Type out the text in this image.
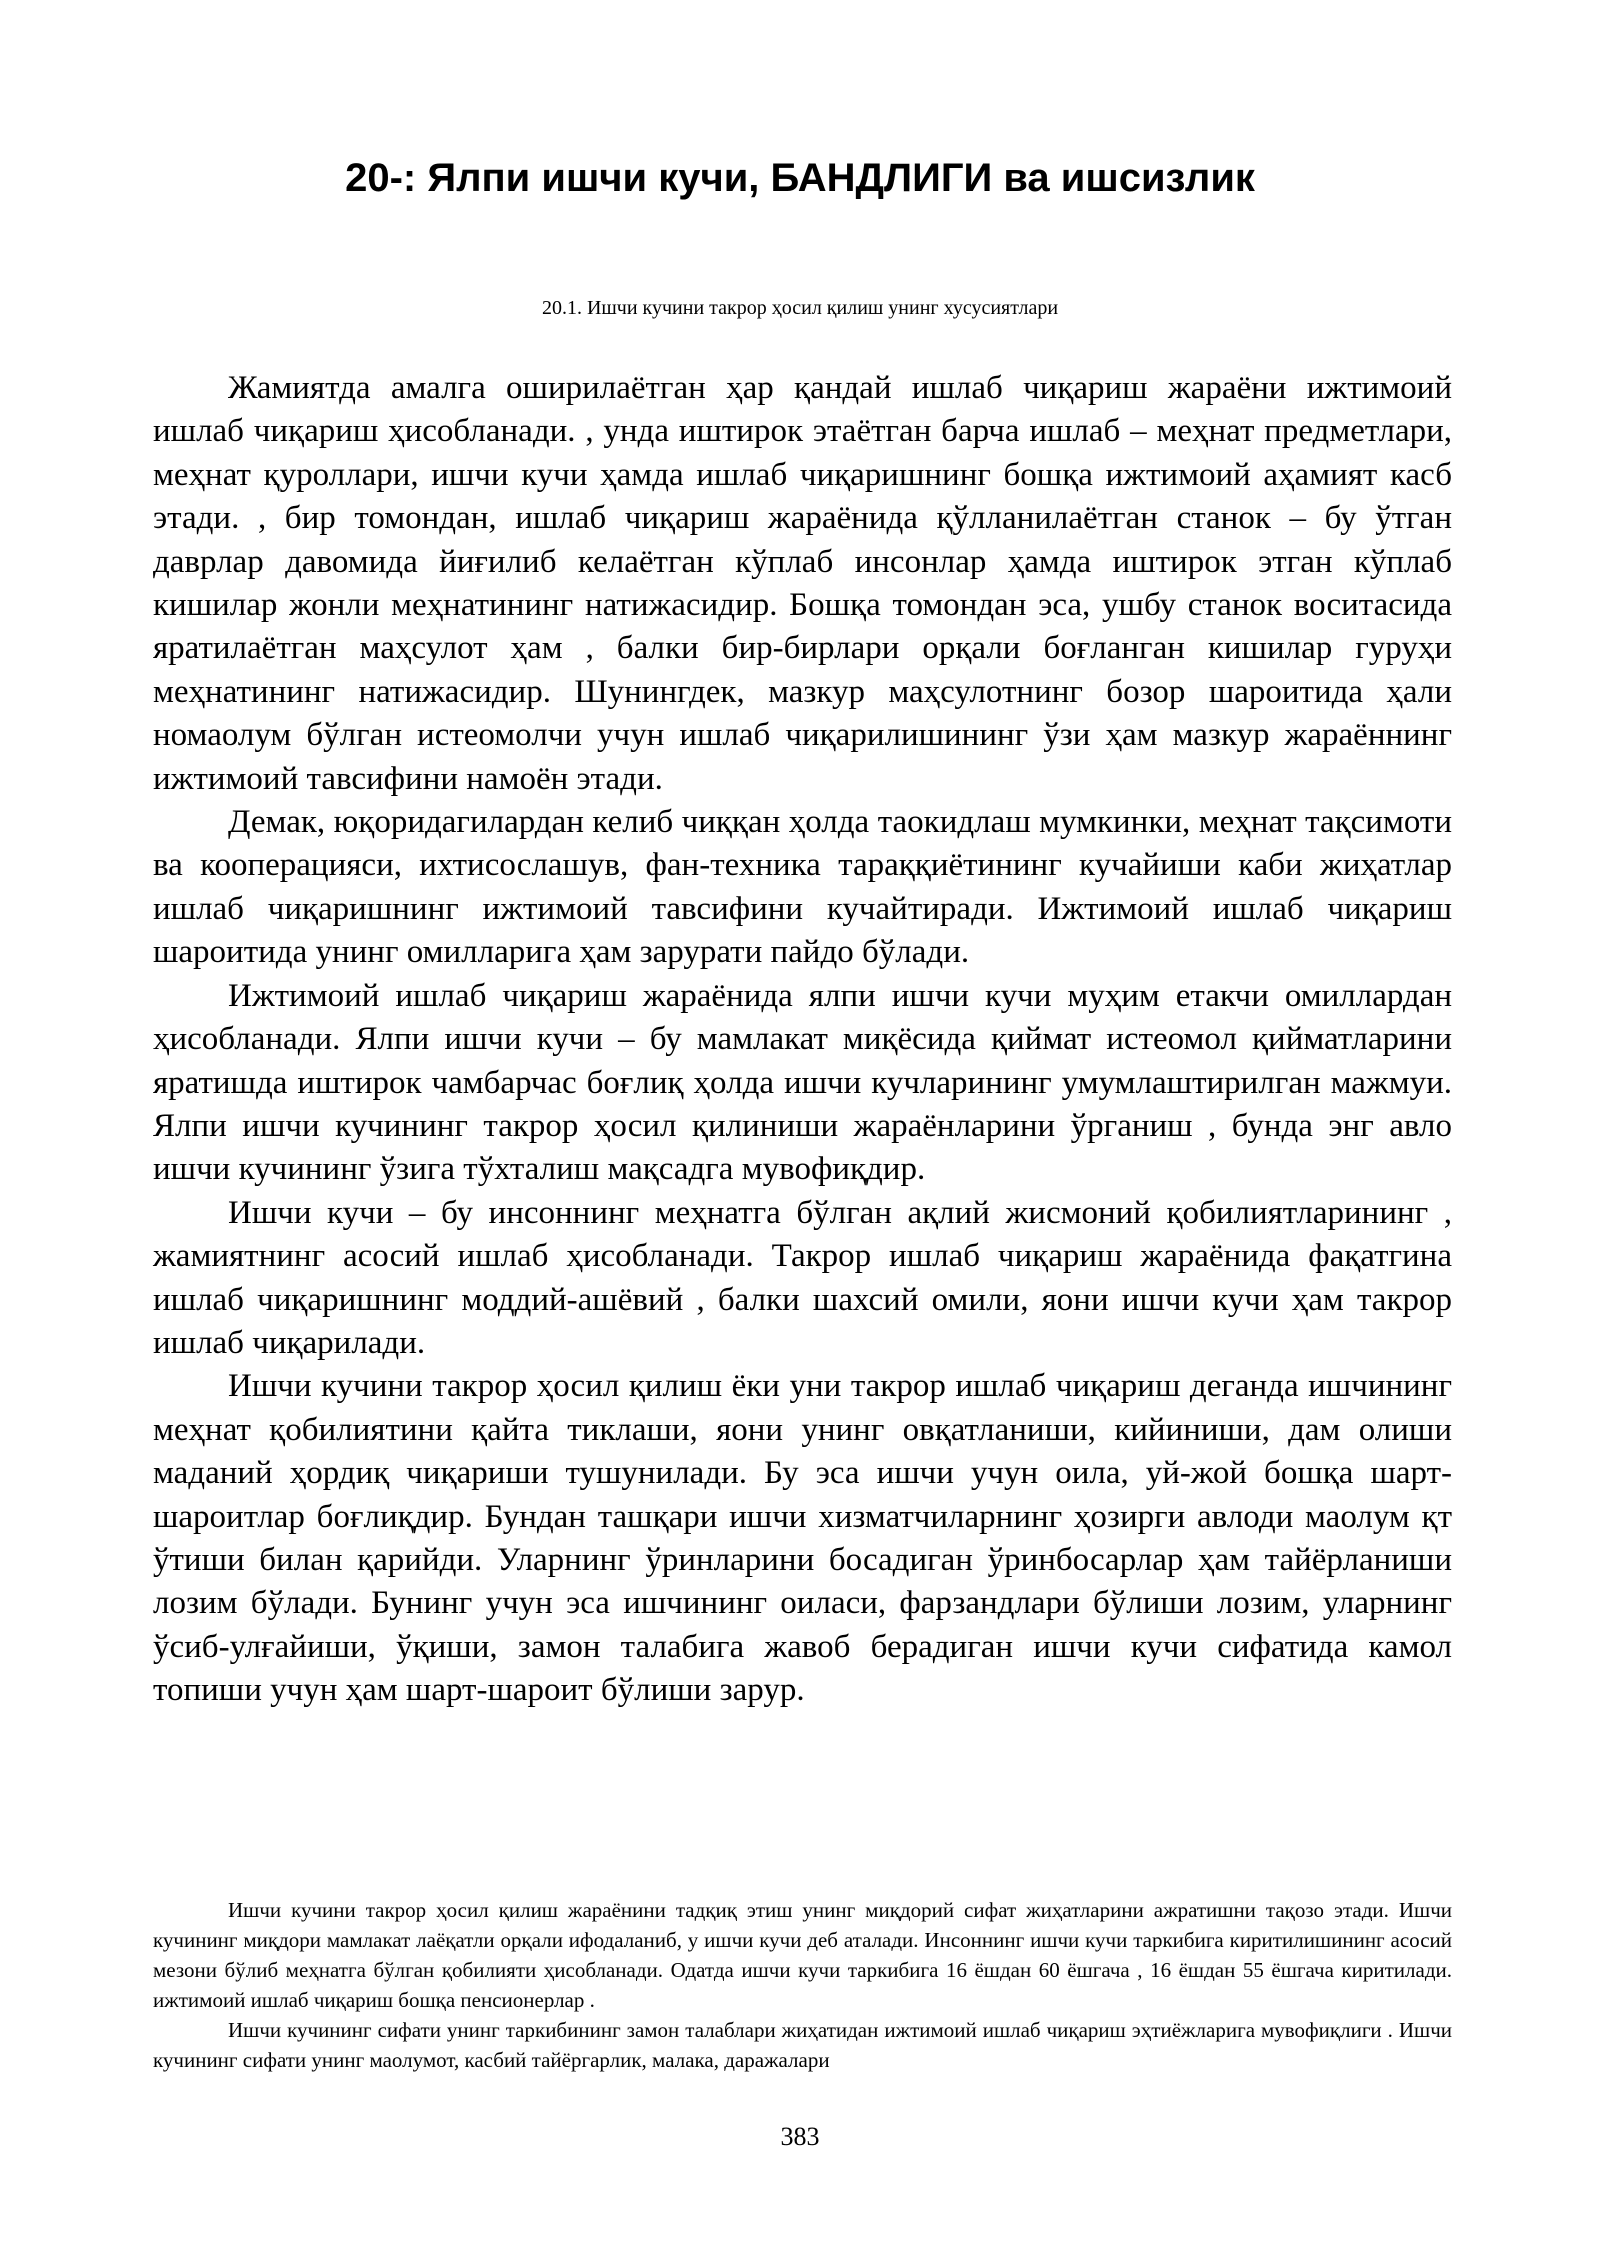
20-: Ялпи ишчи кучи, БАНДЛИГИ ва ишсизлик
20.1. Ишчи кучини такрор ҳосил қилиш унинг хусусиятлари

Жамиятда амалга оширилаётган ҳар қандай ишлаб чиқариш жараёни ижтимоий ишлаб чиқариш ҳисобланади. , унда иштирок этаётган барча ишлаб – меҳнат предметлари, меҳнат қуроллари, ишчи кучи ҳамда ишлаб чиқаришнинг бошқа ижтимоий аҳамият касб этади. , бир томондан, ишлаб чиқариш жараёнида қўлланилаётган станок – бу ўтган даврлар давомида йиғилиб келаётган кўплаб инсонлар ҳамда иштирок этган кўплаб кишилар жонли меҳнатининг натижасидир. Бошқа томондан эса, ушбу станок воситасида яратилаётган маҳсулот ҳам , балки бир-бирлари орқали боғланган кишилар гуруҳи меҳнатининг натижасидир. Шунингдек, мазкур маҳсулотнинг бозор шароитида ҳали номаолум бўлган истеомолчи учун ишлаб чиқарилишининг ўзи ҳам мазкур жараённинг ижтимоий тавсифини намоён этади.

Демак, юқоридагилардан келиб чиққан ҳолда таокидлаш мумкинки, меҳнат тақсимоти ва кооперацияси, ихтисослашув, фан-техника тараққиётининг кучайиши каби жиҳатлар ишлаб чиқаришнинг ижтимоий тавсифини кучайтиради. Ижтимоий ишлаб чиқариш шароитида унинг омилларига ҳам зарурати пайдо бўлади.

Ижтимоий ишлаб чиқариш жараёнида ялпи ишчи кучи муҳим етакчи омиллардан ҳисобланади. Ялпи ишчи кучи – бу мамлакат миқёсида қиймат истеомол қийматларини яратишда иштирок чамбарчас боғлиқ ҳолда ишчи кучларининг умумлаштирилган мажмуи. Ялпи ишчи кучининг такрор ҳосил қилиниши жараёнларини ўрганиш , бунда энг авло ишчи кучининг ўзига тўхталиш мақсадга мувофиқдир.

Ишчи кучи – бу инсоннинг меҳнатга бўлган ақлий жисмоний қобилиятларининг , жамиятнинг асосий ишлаб ҳисобланади. Такрор ишлаб чиқариш жараёнида фақатгина ишлаб чиқаришнинг моддий-ашёвий , балки шахсий омили, яони ишчи кучи ҳам такрор ишлаб чиқарилади.

Ишчи кучини такрор ҳосил қилиш ёки уни такрор ишлаб чиқариш деганда ишчининг меҳнат қобилиятини қайта тиклаши, яони унинг овқатланиши, кийиниши, дам олиши маданий ҳордиқ чиқариши тушунилади. Бу эса ишчи учун оила, уй-жой бошқа шарт-шароитлар боғлиқдир. Бундан ташқари ишчи хизматчиларнинг ҳозирги авлоди маолум қт ўтиши билан қарийди. Уларнинг ўринларини босадиган ўринбосарлар ҳам тайёрланиши лозим бўлади. Бунинг учун эса ишчининг оиласи, фарзандлари бўлиши лозим, уларнинг ўсиб-улғайиши, ўқиши, замон талабига жавоб берадиган ишчи кучи сифатида камол топиши учун ҳам шарт-шароит бўлиши зарур.

Ишчи кучини такрор ҳосил қилиш жараёнини тадқиқ этиш унинг миқдорий сифат жиҳатларини ажратишни тақозо этади. Ишчи кучининг миқдори мамлакат лаёқатли орқали ифодаланиб, у ишчи кучи деб аталади. Инсоннинг ишчи кучи таркибига киритилишининг асосий мезони бўлиб меҳнатга бўлган қобилияти ҳисобланади. Одатда ишчи кучи таркибига 16 ёшдан 60 ёшгача , 16 ёшдан 55 ёшгача киритилади. ижтимоий ишлаб чиқариш бошқа пенсионерлар .

Ишчи кучининг сифати унинг таркибининг замон талаблари жиҳатидан ижтимоий ишлаб чиқариш эҳтиёжларига мувофиқлиги . Ишчи кучининг сифати унинг маолумот, касбий тайёргарлик, малака, даражалари

383
